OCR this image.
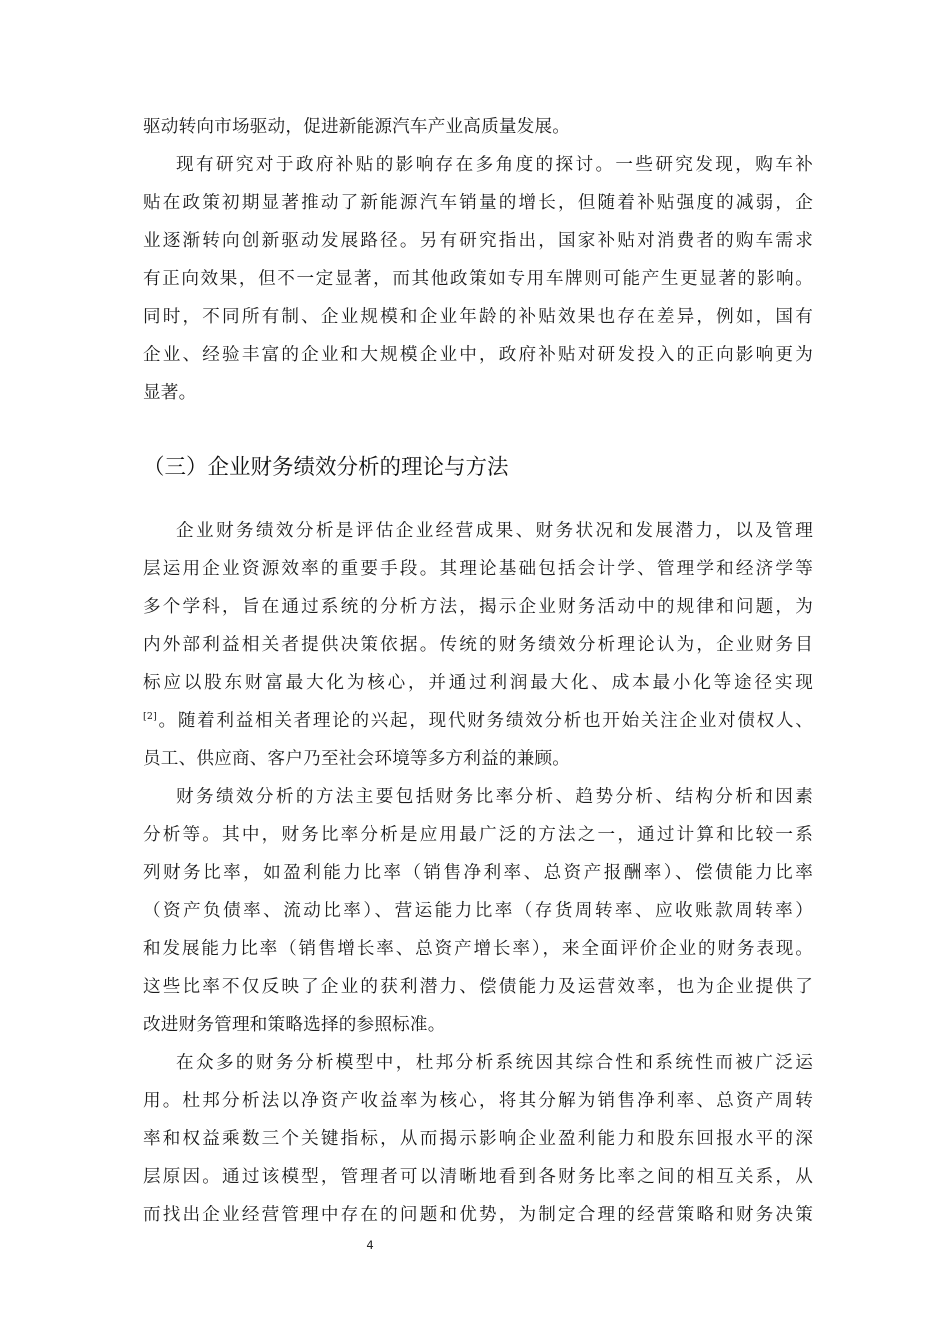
驱动转向市场驱动，促进新能源汽车产业高质量发展。
现有研究对于政府补贴的影响存在多角度的探讨。一些研究发现，购车补
贴在政策初期显著推动了新能源汽车销量的增长，但随着补贴强度的减弱，企
业逐渐转向创新驱动发展路径。另有研究指出，国家补贴对消费者的购车需求
有正向效果，但不一定显著，而其他政策如专用车牌则可能产生更显著的影响。
同时，不同所有制、企业规模和企业年龄的补贴效果也存在差异，例如，国有
企业、经验丰富的企业和大规模企业中，政府补贴对研发投入的正向影响更为
显著。
（三）企业财务绩效分析的理论与方法
企业财务绩效分析是评估企业经营成果、财务状况和发展潜力，以及管理
层运用企业资源效率的重要手段。其理论基础包括会计学、管理学和经济学等
多个学科，旨在通过系统的分析方法，揭示企业财务活动中的规律和问题，为
内外部利益相关者提供决策依据。传统的财务绩效分析理论认为，企业财务目
标应以股东财富最大化为核心，并通过利润最大化、成本最小化等途径实现
[2]。随着利益相关者理论的兴起，现代财务绩效分析也开始关注企业对债权人、
员工、供应商、客户乃至社会环境等多方利益的兼顾。
财务绩效分析的方法主要包括财务比率分析、趋势分析、结构分析和因素
分析等。其中，财务比率分析是应用最广泛的方法之一，通过计算和比较一系
列财务比率，如盈利能力比率（销售净利率、总资产报酬率）、偿债能力比率
（资产负债率、流动比率）、营运能力比率（存货周转率、应收账款周转率）
和发展能力比率（销售增长率、总资产增长率），来全面评价企业的财务表现。
这些比率不仅反映了企业的获利潜力、偿债能力及运营效率，也为企业提供了
改进财务管理和策略选择的参照标准。
在众多的财务分析模型中，杜邦分析系统因其综合性和系统性而被广泛运
用。杜邦分析法以净资产收益率为核心，将其分解为销售净利率、总资产周转
率和权益乘数三个关键指标，从而揭示影响企业盈利能力和股东回报水平的深
层原因。通过该模型，管理者可以清晰地看到各财务比率之间的相互关系，从
而找出企业经营管理中存在的问题和优势，为制定合理的经营策略和财务决策
4
